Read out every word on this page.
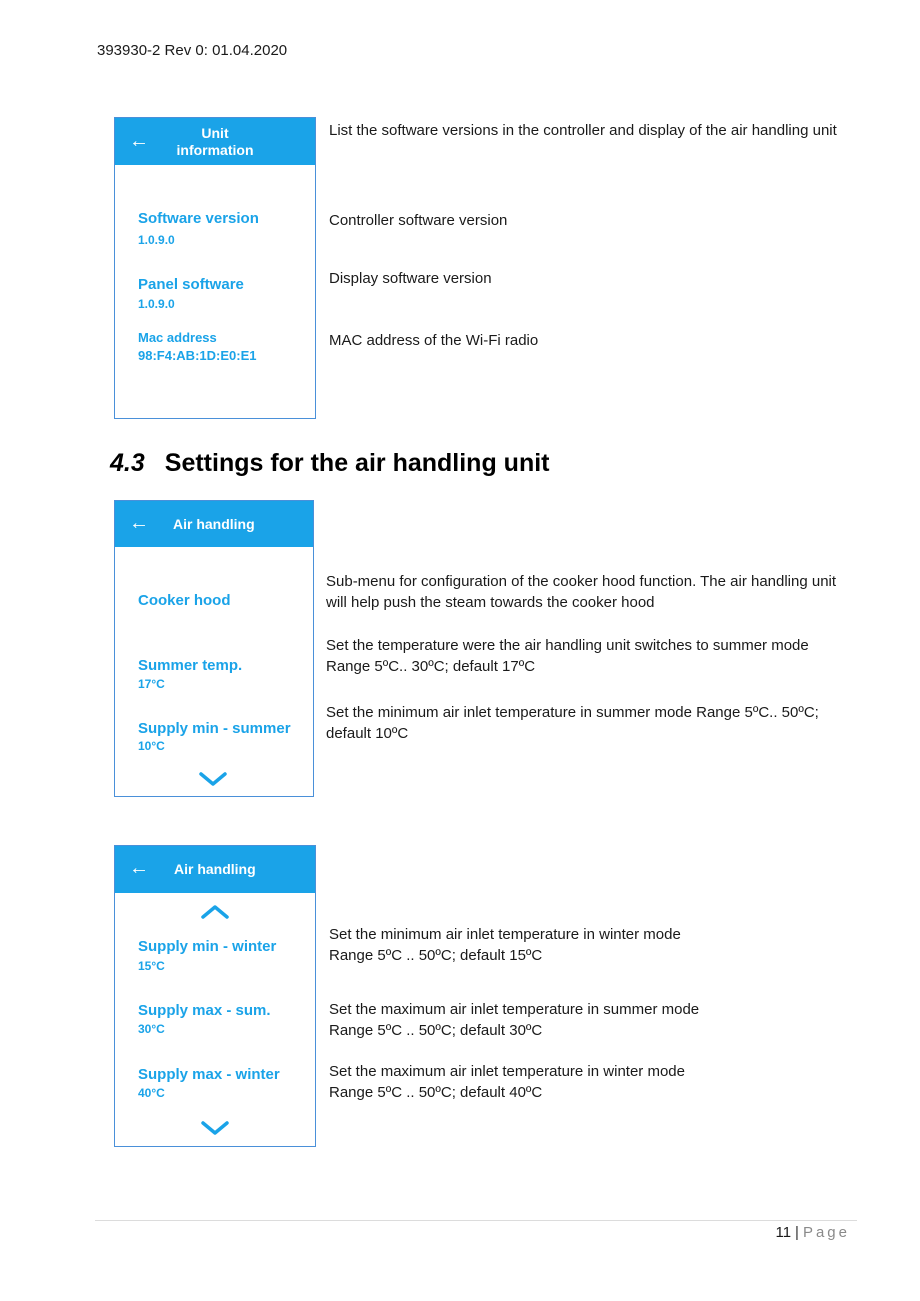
393930-2 Rev 0: 01.04.2020
←	Unit
information
Software version
1.0.9.0
Panel software
1.0.9.0
Mac address
98:F4:AB:1D:E0:E1
List the software versions in the controller and display of the air handling unit
Controller software version
Display software version
MAC address of the Wi-Fi radio
4.3 Settings for the air handling unit
← Air handling
Cooker hood
Summer temp.
17°C
Supply min - summer
10°C
Sub-menu for configuration of the cooker hood function. The air handling unit will help push the steam towards the cooker hood
Set the temperature were the air handling unit switches to summer mode Range 5ºC.. 30ºC; default 17ºC
Set the minimum air inlet temperature in summer mode Range 5ºC.. 50ºC; default 10ºC
← Air handling
Supply min - winter
15°C
Supply max - sum.
30°C
Supply max - winter
40°C
Set the minimum air inlet temperature in winter mode
Range 5ºC .. 50ºC; default 15ºC
Set the maximum air inlet temperature in summer mode
Range 5ºC .. 50ºC; default 30ºC
Set the maximum air inlet temperature in winter mode
Range 5ºC .. 50ºC; default 40ºC
11 | Page
